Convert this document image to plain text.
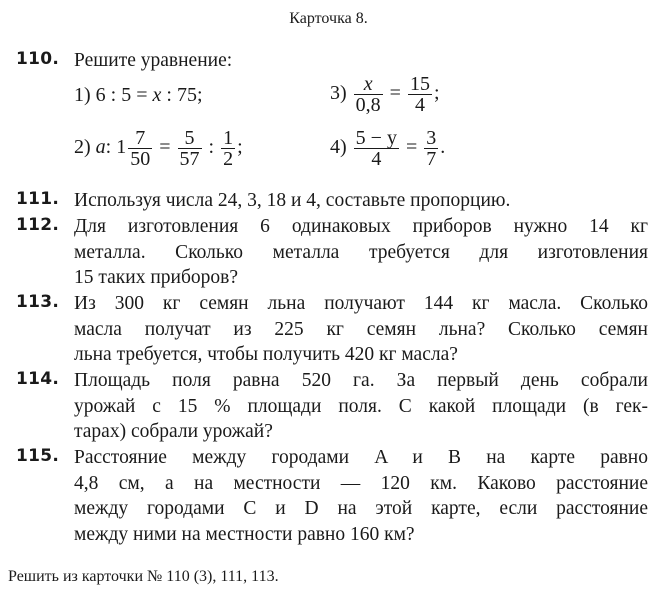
Карточка 8.
110. Решите уравнение:
1) 6 : 5 = x : 75;
2) a: $1 \frac{7}{50} = \frac{5}{57}$ : $\frac{1}{2}$ ;
$3) \frac{x}{0,8} = \frac{15}{4}$ ;
$4) \frac{5 - y}{4} = \frac{3}{7}$ .
111. Используя числа 24, 3, 18 и 4, составьте пропорцию.
112. Для изготовления 6 одинаковых приборов нужно 14 кг
металла. Сколько металла требуется для изготовления
15 таких приборов?
113. Из 300 кг семян льна получают 144 кг масла. Сколько
масла получат из 225 кг семян льна? Сколько семян
льна требуется, чтобы получить 420 кг масла?
114. Площадь поля равна 520 га. За первый день собрали
урожай с 15 % площади поля. С какой площади (в гек-
тарах) собрали урожай?
115. Расстояние между городами A и B на карте равно
4,8 см, а на местности — 120 км. Каково расстояние
между городами C и D на этой карте, если расстояние
между ними на местности равно 160 км?
Решить из карточки № 110 (3), 111, 113.
